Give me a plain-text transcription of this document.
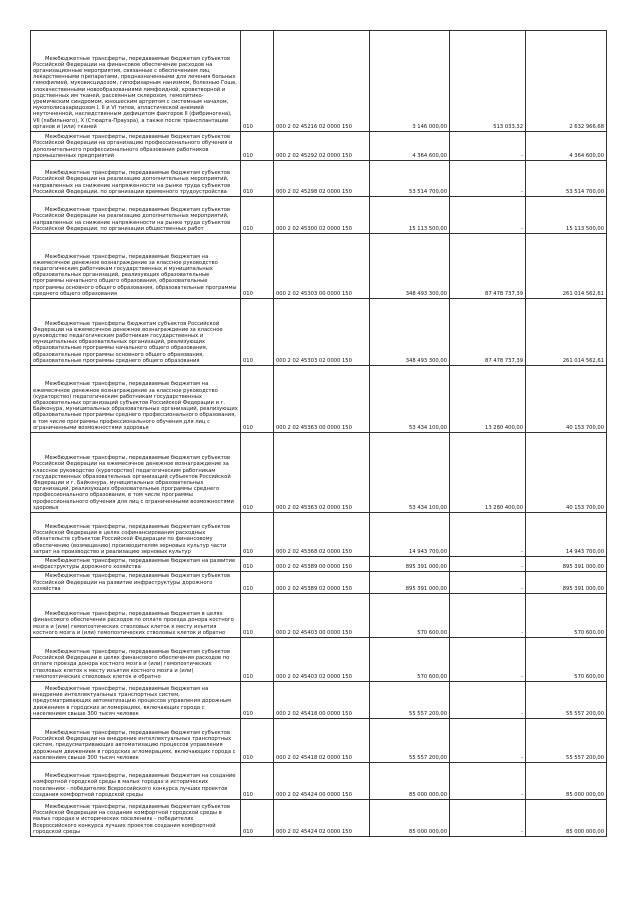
Межбюджетные трансферты, передаваемые бюджетам субъектов Российской Федерации на финансовое обеспечение расходов на организационные мероприятия, связанные с обеспечением лиц лекарственными препаратами, предназначенными для лечения больных гемофилией, муковисцидозом, гипофизарным нанизмом, болезнью Гоше, злокачественными новообразованиями лимфоидной, кроветворной и родственных им тканей, рассеянным склерозом, гемолитико-уремическим синдромом, юношеским артритом с системным началом, мукополисахаридозом I, II и VI типов, апластической анемией неуточненной, наследственным дефицитом факторов II (фибриногена), VII (лабильного), X (Стюарта-Прауэра), а также после трансплантации органов и (или) тканей	010	000 2 02 45216 02 0000 150	3 146 000,00	513 033,32	2 632 966,68
Межбюджетные трансферты, передаваемые бюджетам субъектов Российской Федерации на организацию профессионального обучения и дополнительного профессионального образования работников промышленных предприятий	010	000 2 02 45292 02 0000 150	4 364 600,00	-	4 364 600,00
Межбюджетные трансферты, передаваемые бюджетам субъектов Российской Федерации на реализацию дополнительных мероприятий, направленных на снижение напряженности на рынке труда субъектов Российской Федерации, по организации временного трудоустройства	010	000 2 02 45298 02 0000 150	53 514 700,00	-	53 514 700,00
Межбюджетные трансферты, передаваемые бюджетам субъектов Российской Федерации на реализацию дополнительных мероприятий, направленных на снижение напряженности на рынке труда субъектов Российской Федерации, по организации общественных работ	010	000 2 02 45300 02 0000 150	15 113 500,00	-	15 113 500,00
Межбюджетные трансферты, передаваемые бюджетам на ежемесячное денежное вознаграждение за классное руководство педагогическим работникам государственных и муниципальных образовательных организаций, реализующих образовательные программы начального общего образования, образовательные программы основного общего образования, образовательные программы среднего общего образования	010	000 2 02 45303 00 0000 150	348 493 300,00	87 478 737,39	261 014 562,61
Межбюджетные трансферты бюджетам субъектов Российской Федерации на ежемесячное денежное вознаграждение за классное руководство педагогическим работникам государственных и муниципальных образовательных организаций, реализующих образовательные программы начального общего образования, образовательные программы основного общего образования, образовательные программы среднего общего образования	010	000 2 02 45303 02 0000 150	348 493 300,00	87 478 737,39	261 014 562,61
Межбюджетные трансферты, передаваемые бюджетам на ежемесячное денежное вознаграждение за классное руководство (кураторство) педагогическим работникам государственных образовательных организаций субъектов Российской Федерации и г. Байконура, муниципальных образовательных организаций, реализующих образовательные программы среднего профессионального образования, в том числе программы профессионального обучения для лиц с ограниченными возможностями здоровья	010	000 2 02 45363 00 0000 150	53 434 100,00	13 280 400,00	40 153 700,00
Межбюджетные трансферты, передаваемые бюджетам субъектов Российской Федерации на ежемесячное денежное вознаграждение за классное руководство (кураторство) педагогическим работникам государственных образовательных организаций субъектов Российской Федерации и г. Байконура, муниципальных образовательных организаций, реализующих образовательные программы среднего профессионального образования, в том числе программы профессионального обучения для лиц с ограниченными возможностями здоровья	010	000 2 02 45363 02 0000 150	53 434 100,00	13 280 400,00	40 153 700,00
Межбюджетные трансферты, передаваемые бюджетам субъектов Российской Федерации в целях софинансирования расходных обязательств субъектов Российской Федерации по финансовому обеспечению (возмещению) производителям зерновых культур части затрат на производство и реализацию зерновых культур	010	000 2 02 45368 02 0000 150	14 943 700,00	-	14 943 700,00
Межбюджетные трансферты, передаваемые бюджетам на развитие инфраструктуры дорожного хозяйства	010	000 2 02 45389 00 0000 150	895 391 000,00	-	895 391 000,00
Межбюджетные трансферты, передаваемые бюджетам субъектов Российской Федерации на развитие инфраструктуры дорожного хозяйства	010	000 2 02 45389 02 0000 150	895 391 000,00	-	895 391 000,00
Межбюджетные трансферты, передаваемые бюджетам в целях финансового обеспечения расходов по оплате проезда донора костного мозга и (или) гемопоэтических стволовых клеток к месту изъятия костного мозга и (или) гемопоэтических стволовых клеток и обратно	010	000 2 02 45403 00 0000 150	570 600,00	-	570 600,00
Межбюджетные трансферты, передаваемые бюджетам субъектов Российской Федерации в целях финансового обеспечения расходов по оплате проезда донора костного мозга и (или) гемопоэтических стволовых клеток к месту изъятия костного мозга и (или) гемопоэтических стволовых клеток и обратно	010	000 2 02 45403 02 0000 150	570 600,00	-	570 600,00
Межбюджетные трансферты, передаваемые бюджетам на внедрение интеллектуальных транспортных систем, предусматривающих автоматизацию процессов управления дорожным движением в городских агломерациях, включающих города с населением свыше 300 тысяч человек	010	000 2 02 45418 00 0000 150	55 557 200,00	-	55 557 200,00
Межбюджетные трансферты, передаваемые бюджетам субъектов Российской Федерации на внедрение интеллектуальных транспортных систем, предусматривающих автоматизацию процессов управления дорожным движением в городских агломерациях, включающих города с населением свыше 300 тысяч человек	010	000 2 02 45418 02 0000 150	55 557 200,00	-	55 557 200,00
Межбюджетные трансферты, передаваемые бюджетам на создание комфортной городской среды в малых городах и исторических поселениях - победителях Всероссийского конкурса лучших проектов создания комфортной городской среды	010	000 2 02 45424 00 0000 150	85 000 000,00	-	85 000 000,00
Межбюджетные трансферты, передаваемые бюджетам субъектов Российской Федерации на создание комфортной городской среды в малых городах и исторических поселениях - победителях Всероссийского конкурса лучших проектов создания комфортной городской среды	010	000 2 02 45424 02 0000 150	85 000 000,00	-	85 000 000,00
